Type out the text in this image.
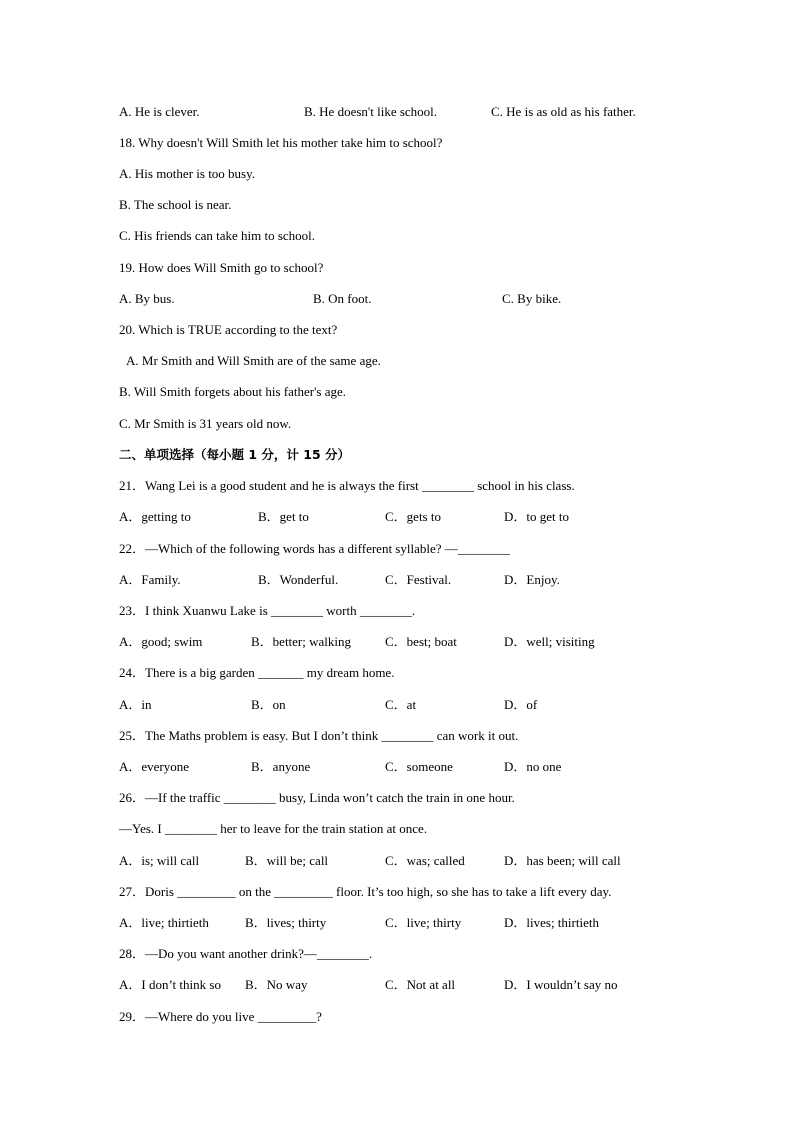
A. He is clever.	B. He doesn't like school.	C. He is as old as his father.
18. Why doesn't Will Smith let his mother take him to school?
A. His mother is too busy.
B. The school is near.
C. His friends can take him to school.
19. How does Will Smith go to school?
A. By bus.	B. On foot.	C. By bike.
20. Which is TRUE according to the text?
A. Mr Smith and Will Smith are of the same age.
B. Will Smith forgets about his father's age.
C. Mr Smith is 31 years old now.
二、单项选择（每小题 1 分，计 15 分）
21．Wang Lei is a good student and he is always the first ________ school in his class.
A．getting to	B．get to	C．gets to	D．to get to
22．—Which of the following words has a different syllable? —________
A．Family.	B．Wonderful.	C．Festival.	D．Enjoy.
23．I think Xuanwu Lake is ________ worth ________.
A．good; swim	B．better; walking	C．best; boat	D．well; visiting
24．There is a big garden _______ my dream home.
A．in	B．on	C．at	D．of
25．The Maths problem is easy. But I don’t think ________ can work it out.
A．everyone	B．anyone	C．someone	D．no one
26．—If the traffic ________ busy, Linda won’t catch the train in one hour.
—Yes. I ________ her to leave for the train station at once.
A．is; will call	B．will be; call	C．was; called	D．has been; will call
27．Doris _________ on the _________ floor. It’s too high, so she has to take a lift every day.
A．live; thirtieth	B．lives; thirty	C．live; thirty	D．lives; thirtieth
28．—Do you want another drink?—________.
A．I don’t think so B．No way	C．Not at all	D．I wouldn’t say no
29．—Where do you live _________?
